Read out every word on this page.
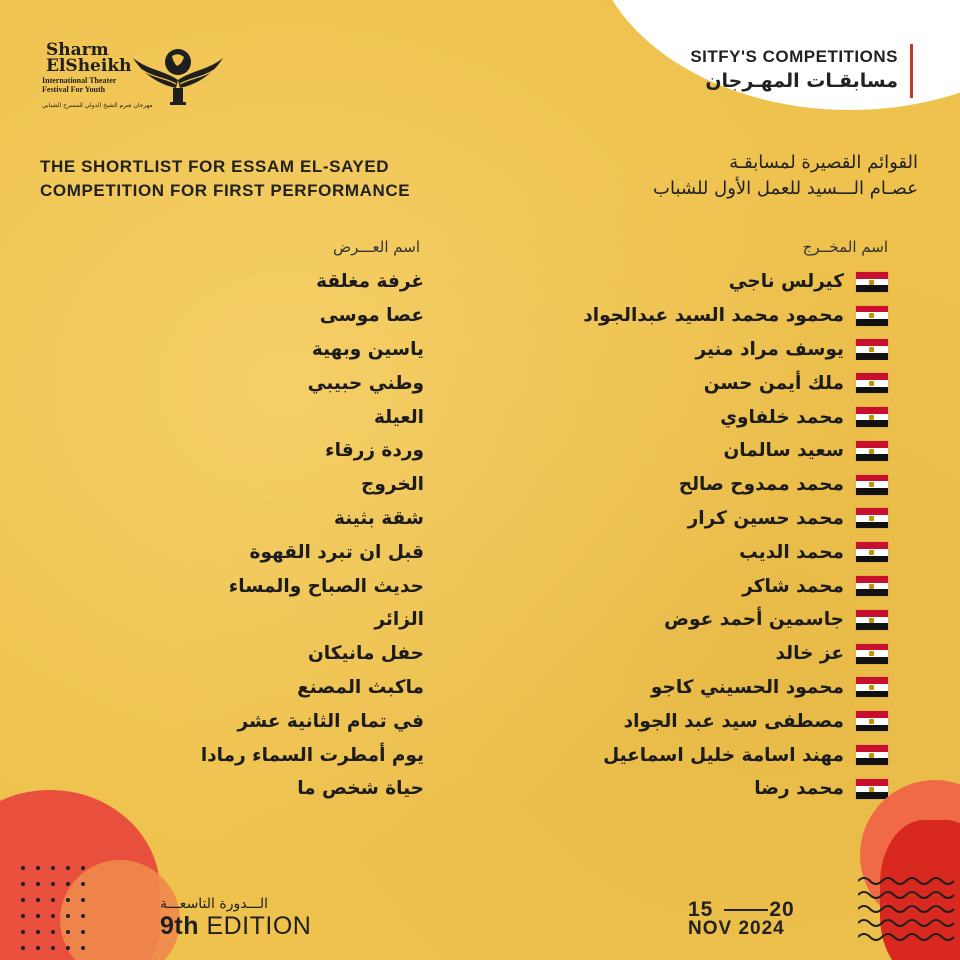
SITFY'S COMPETITIONS
مسابقـات المهـرجان
Sharm ElSheikh
International Theater
Festival For Youth
مهرجان شرم الشيخ الدولي للمسرح الشبابي
THE SHORTLIST FOR ESSAM EL-SAYED
COMPETITION FOR FIRST PERFORMANCE
القوائم القصيرة لمسابقـة
عصـام الـــسيد للعمل الأول للشباب
اسم العـــرض	اسم المخــرج
غرفة مغلقة
عصا موسى
ياسين وبهية
وطني حبيبي
العيلة
وردة زرقاء
الخروج
شقة بثينة
قبل ان تبرد القهوة
حديث الصباح والمساء
الزائر
حفل مانيكان
ماكبث المصنع
في تمام الثانية عشر
يوم أمطرت السماء رمادا
حياة شخص ما
كيرلس ناجي
محمود محمد السيد عبدالجواد
يوسف مراد منير
ملك أيمن حسن
محمد خلفاوي
سعيد سالمان
محمد ممدوح صالح
محمد حسين كرار
محمد الديب
محمد شاكر
جاسمين أحمد عوض
عز خالد
محمود الحسيني كاجو
مصطفى سيد عبد الجواد
مهند اسامة خليل اسماعيل
محمد رضا
الـــدورة التاسعـــة
9th EDITION
15	20
NOV 2024
